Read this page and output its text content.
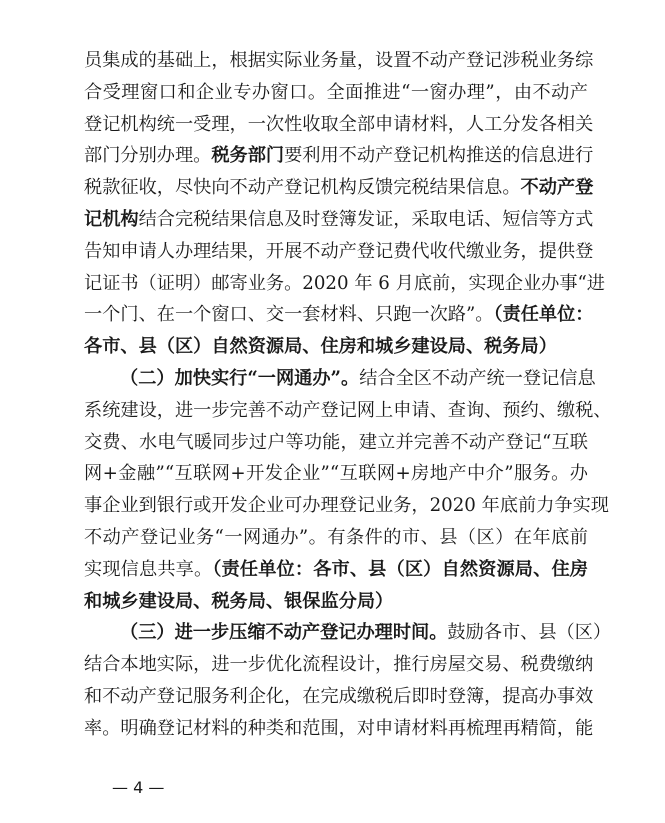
员集成的基础上，根据实际业务量，设置不动产登记涉税业务综
合受理窗口和企业专办窗口。全面推进“一窗办理”，由不动产
登记机构统一受理，一次性收取全部申请材料，人工分发各相关
部门分别办理。税务部门要利用不动产登记机构推送的信息进行
税款征收，尽快向不动产登记机构反馈完税结果信息。不动产登
记机构结合完税结果信息及时登簿发证，采取电话、短信等方式
告知申请人办理结果，开展不动产登记费代收代缴业务，提供登
记证书（证明）邮寄业务。2020 年 6 月底前，实现企业办事“进
一个门、在一个窗口、交一套材料、只跑一次路”。（责任单位：
各市、县（区）自然资源局、住房和城乡建设局、税务局）
（二）加快实行“一网通办”。结合全区不动产统一登记信息
系统建设，进一步完善不动产登记网上申请、查询、预约、缴税、
交费、水电气暖同步过户等功能，建立并完善不动产登记“互联
网+金融”“互联网+开发企业”“互联网+房地产中介”服务。办
事企业到银行或开发企业可办理登记业务，2020 年底前力争实现
不动产登记业务“一网通办”。有条件的市、县（区）在年底前
实现信息共享。（责任单位：各市、县（区）自然资源局、住房
和城乡建设局、税务局、银保监分局）
（三）进一步压缩不动产登记办理时间。鼓励各市、县（区）
结合本地实际，进一步优化流程设计，推行房屋交易、税费缴纳
和不动产登记服务利企化，在完成缴税后即时登簿，提高办事效
率。明确登记材料的种类和范围，对申请材料再梳理再精简，能
— 4 —
